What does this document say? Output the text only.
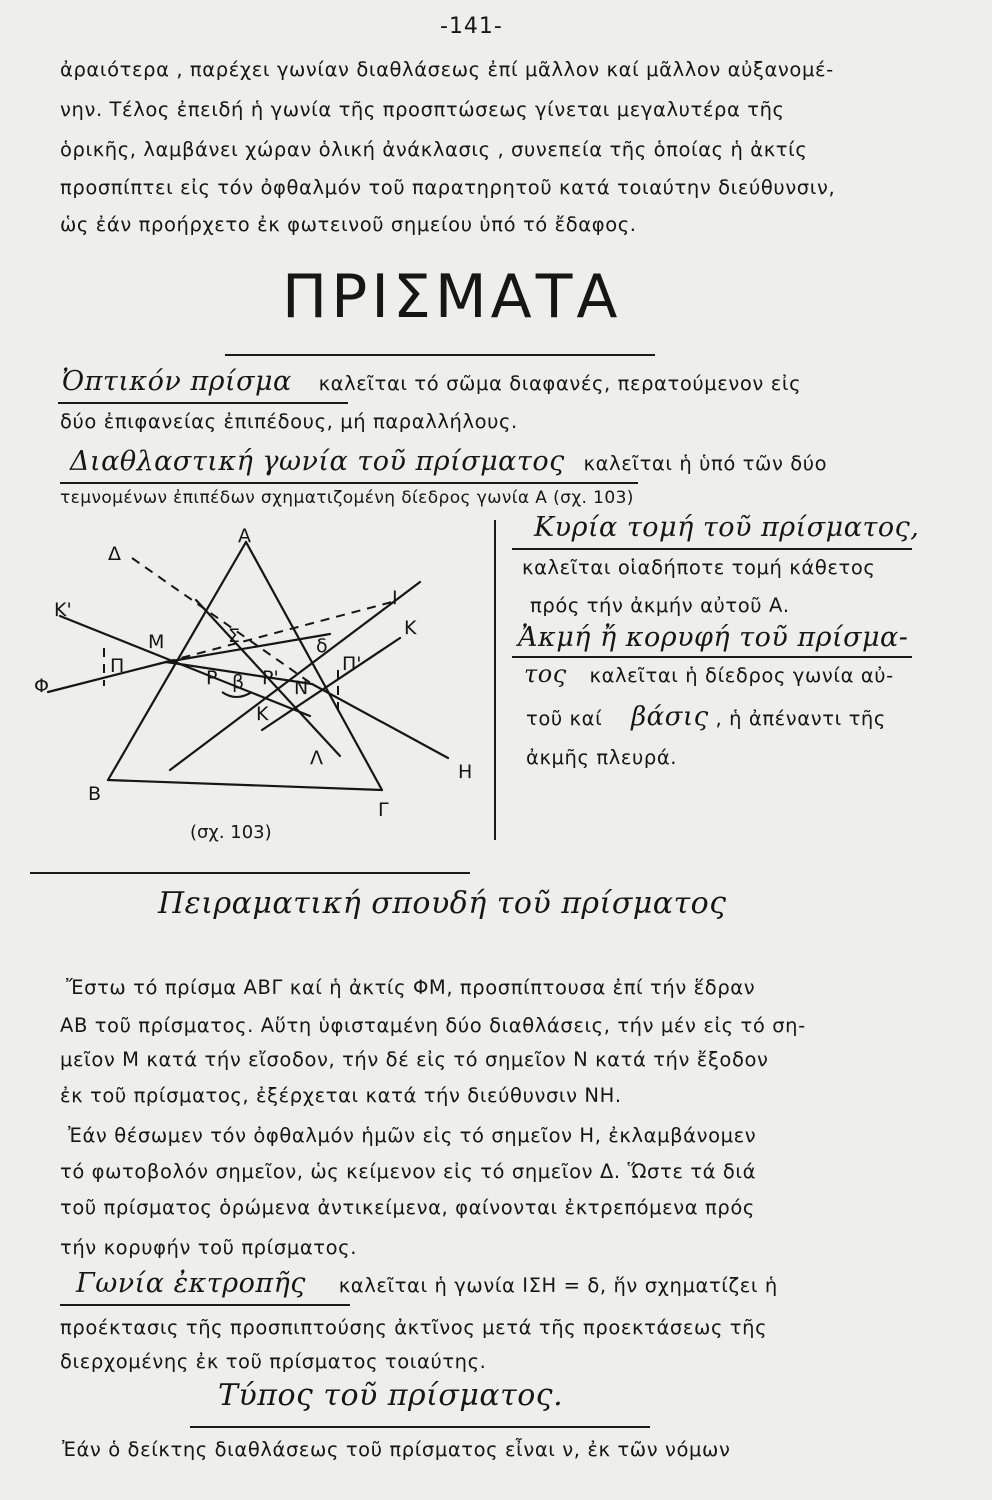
-141-
ἀραιότερα , παρέχει γωνίαν διαθλάσεως ἐπί μᾶλλον καί μᾶλλον αὐξανομέ-
νην. Τέλος ἐπειδή ἡ γωνία τῆς προσπτώσεως γίνεται μεγαλυτέρα τῆς
ὁρικῆς, λαμβάνει χώραν ὁλική ἀνάκλασις , συνεπεία τῆς ὁποίας ἡ ἀκτίς
προσπίπτει εἰς τόν ὀφθαλμόν τοῦ παρατηρητοῦ κατά τοιαύτην διεύθυνσιν,
ὡς ἐάν προήρχετο ἐκ φωτεινοῦ σημείου ὑπό τό ἔδαφος.
ΠΡΙΣΜΑΤΑ
Ὀπτικόν πρίσμα καλεῖται τό σῶμα διαφανές, περατούμενον εἰς
δύο ἐπιφανείας ἐπιπέδους, μή παραλλήλους.
Διαθλαστική γωνία τοῦ πρίσματος καλεῖται ἡ ὑπό τῶν δύο
τεμνομένων ἐπιπέδων σχηματιζομένη δίεδρος γωνία Α (σχ. 103)
Κυρία τομή τοῦ πρίσματος,
καλεῖται οἱαδήποτε τομή κάθετος
πρός τήν ἀκμήν αὐτοῦ Α.
Ἀκμή ἤ κορυφή τοῦ πρίσμα-
τος καλεῖται ἡ δίεδρος γωνία αὐ-
τοῦ καί βάσις , ἡ ἀπέναντι τῆς
ἀκμῆς πλευρά.
Α
Β
Γ
Δ
Κ'
Μ	Σ	δ
Ι
Κ
Π	Π'
Φ	Ρ β Ρ' Ν
Κ
Λ
Η
(σχ. 103)
Πειραματική σπουδή τοῦ πρίσματος
Ἔστω τό πρίσμα ΑΒΓ καί ἡ ἀκτίς ΦΜ, προσπίπτουσα ἐπί τήν ἕδραν
ΑΒ τοῦ πρίσματος. Αὕτη ὑφισταμένη δύο διαθλάσεις, τήν μέν εἰς τό ση-
μεῖον Μ κατά τήν εἴσοδον, τήν δέ εἰς τό σημεῖον Ν κατά τήν ἔξοδον
ἐκ τοῦ πρίσματος, ἐξέρχεται κατά τήν διεύθυνσιν ΝΗ.
Ἐάν θέσωμεν τόν ὀφθαλμόν ἡμῶν εἰς τό σημεῖον Η, ἐκλαμβάνομεν
τό φωτοβολόν σημεῖον, ὡς κείμενον εἰς τό σημεῖον Δ. Ὥστε τά διά
τοῦ πρίσματος ὁρώμενα ἀντικείμενα, φαίνονται ἐκτρεπόμενα πρός
τήν κορυφήν τοῦ πρίσματος.
Γωνία ἐκτροπῆς καλεῖται ἡ γωνία ΙΣΗ = δ, ἥν σχηματίζει ἡ
προέκτασις τῆς προσπιπτούσης ἀκτῖνος μετά τῆς προεκτάσεως τῆς
διερχομένης ἐκ τοῦ πρίσματος τοιαύτης.
Τύπος τοῦ πρίσματος.
Ἐάν ὁ δείκτης διαθλάσεως τοῦ πρίσματος εἶναι ν, ἐκ τῶν νόμων
